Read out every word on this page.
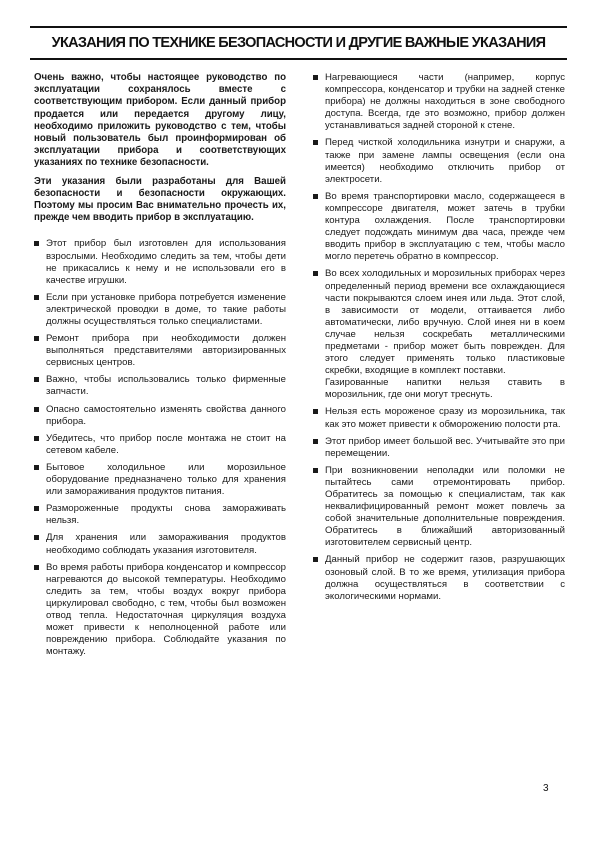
УКАЗАНИЯ ПО ТЕХНИКЕ БЕЗОПАСНОСТИ И ДРУГИЕ ВАЖНЫЕ УКАЗАНИЯ

Очень важно, чтобы настоящее руководство по эксплуатации сохранялось вместе с соответствующим прибором. Если данный прибор продается или передается другому лицу, необходимо приложить руководство с тем, чтобы новый пользователь был проинформирован об эксплуатации прибора и соответствующих указаниях по технике безопасности.

Эти указания были разработаны для Вашей безопасности и безопасности окружающих. Поэтому мы просим Вас внимательно прочесть их, прежде чем вводить прибор в эксплуатацию.

Этот прибор был изготовлен для использования взрослыми. Необходимо следить за тем, чтобы дети не прикасались к нему и не использовали его в качестве игрушки.
Если при установке прибора потребуется изменение электрической проводки в доме, то такие работы должны осуществляться только специалистами.
Ремонт прибора при необходимости должен выполняться представителями авторизированных сервисных центров.
Важно, чтобы использовались только фирменные запчасти.
Опасно самостоятельно изменять свойства данного прибора.
Убедитесь, что прибор после монтажа не стоит на сетевом кабеле.
Бытовое холодильное или морозильное оборудование предназначено только для хранения или замораживания продуктов питания.
Размороженные продукты снова замораживать нельзя.
Для хранения или замораживания продуктов необходимо соблюдать указания изготовителя.
Во время работы прибора конденсатор и компрессор нагреваются до высокой температуры. Необходимо следить за тем, чтобы воздух вокруг прибора циркулировал свободно, с тем, чтобы был возможен отвод тепла. Недостаточная циркуляция воздуха может привести к неполноценной работе или повреждению прибора. Соблюдайте указания по монтажу.
Нагревающиеся части (например, корпус компрессора, конденсатор и трубки на задней стенке прибора) не должны находиться в зоне свободного доступа. Всегда, где это возможно, прибор должен устанавливаться задней стороной к стене.
Перед чисткой холодильника изнутри и снаружи, а также при замене лампы освещения (если она имеется) необходимо отключить прибор от электросети.
Во время транспортировки масло, содержащееся в компрессоре двигателя, может затечь в трубки контура охлаждения. После транспортировки следует подождать минимум два часа, прежде чем вводить прибор в эксплуатацию с тем, чтобы масло могло перетечь обратно в компрессор.
Во всех холодильных и морозильных приборах через определенный период времени все охлаждающиеся части покрываются слоем инея или льда. Этот слой, в зависимости от модели, оттаивается либо автоматически, либо вручную. Слой инея ни в коем случае нельзя соскребать металлическими предметами - прибор может быть поврежден. Для этого следует применять только пластиковые скребки, входящие в комплект поставки.
Газированные напитки нельзя ставить в морозильник, где они могут треснуть.
Нельзя есть мороженое сразу из морозильника, так как это может привести к обморожению полости рта.
Этот прибор имеет большой вес. Учитывайте это при перемещении.
При возникновении неполадки или поломки не пытайтесь сами отремонтировать прибор. Обратитесь за помощью к специалистам, так как неквалифицированный ремонт может повлечь за собой значительные дополнительные повреждения. Обратитесь в ближайший авторизованный изготовителем сервисный центр.
Данный прибор не содержит газов, разрушающих озоновый слой. В то же время, утилизация прибора должна осуществляться в соответствии с экологическими нормами.
3
